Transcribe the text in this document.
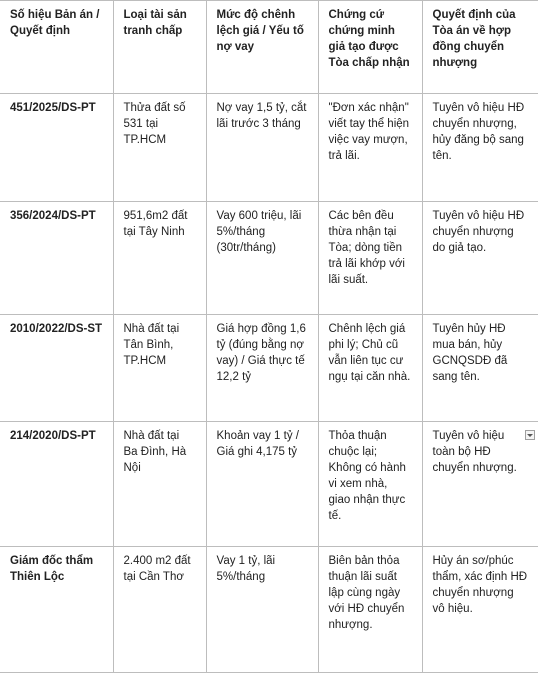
Số hiệu Bản án / Quyết định	Loại tài sản tranh chấp	Mức độ chênh lệch giá / Yếu tố nợ vay	Chứng cứ chứng minh giả tạo được Tòa chấp nhận	Quyết định của Tòa án về hợp đồng chuyển nhượng
451/2025/DS-PT	Thửa đất số 531 tại TP.HCM	Nợ vay 1,5 tỷ, cắt lãi trước 3 tháng	"Đơn xác nhận" viết tay thể hiện việc vay mượn, trả lãi.	Tuyên vô hiệu HĐ chuyển nhượng, hủy đăng bộ sang tên.
356/2024/DS-PT	951,6m2 đất tại Tây Ninh	Vay 600 triệu, lãi 5%/tháng (30tr/tháng)	Các bên đều thừa nhận tại Tòa; dòng tiền trả lãi khớp với lãi suất.	Tuyên vô hiệu HĐ chuyển nhượng do giả tạo.
2010/2022/DS-ST	Nhà đất tại Tân Bình, TP.HCM	Giá hợp đồng 1,6 tỷ (đúng bằng nợ vay) / Giá thực tế 12,2 tỷ	Chênh lệch giá phi lý; Chủ cũ vẫn liên tục cư ngụ tại căn nhà.	Tuyên hủy HĐ mua bán, hủy GCNQSDĐ đã sang tên.
214/2020/DS-PT	Nhà đất tại Ba Đình, Hà Nội	Khoản vay 1 tỷ / Giá ghi 4,175 tỷ	Thỏa thuận chuộc lại; Không có hành vi xem nhà, giao nhận thực tế.	Tuyên vô hiệu toàn bộ HĐ chuyển nhượng.
Giám đốc thẩm Thiên Lộc	2.400 m2 đất tại Cần Thơ	Vay 1 tỷ, lãi 5%/tháng	Biên bản thỏa thuận lãi suất lập cùng ngày với HĐ chuyển nhượng.	Hủy án sơ/phúc thẩm, xác định HĐ chuyển nhượng vô hiệu.
